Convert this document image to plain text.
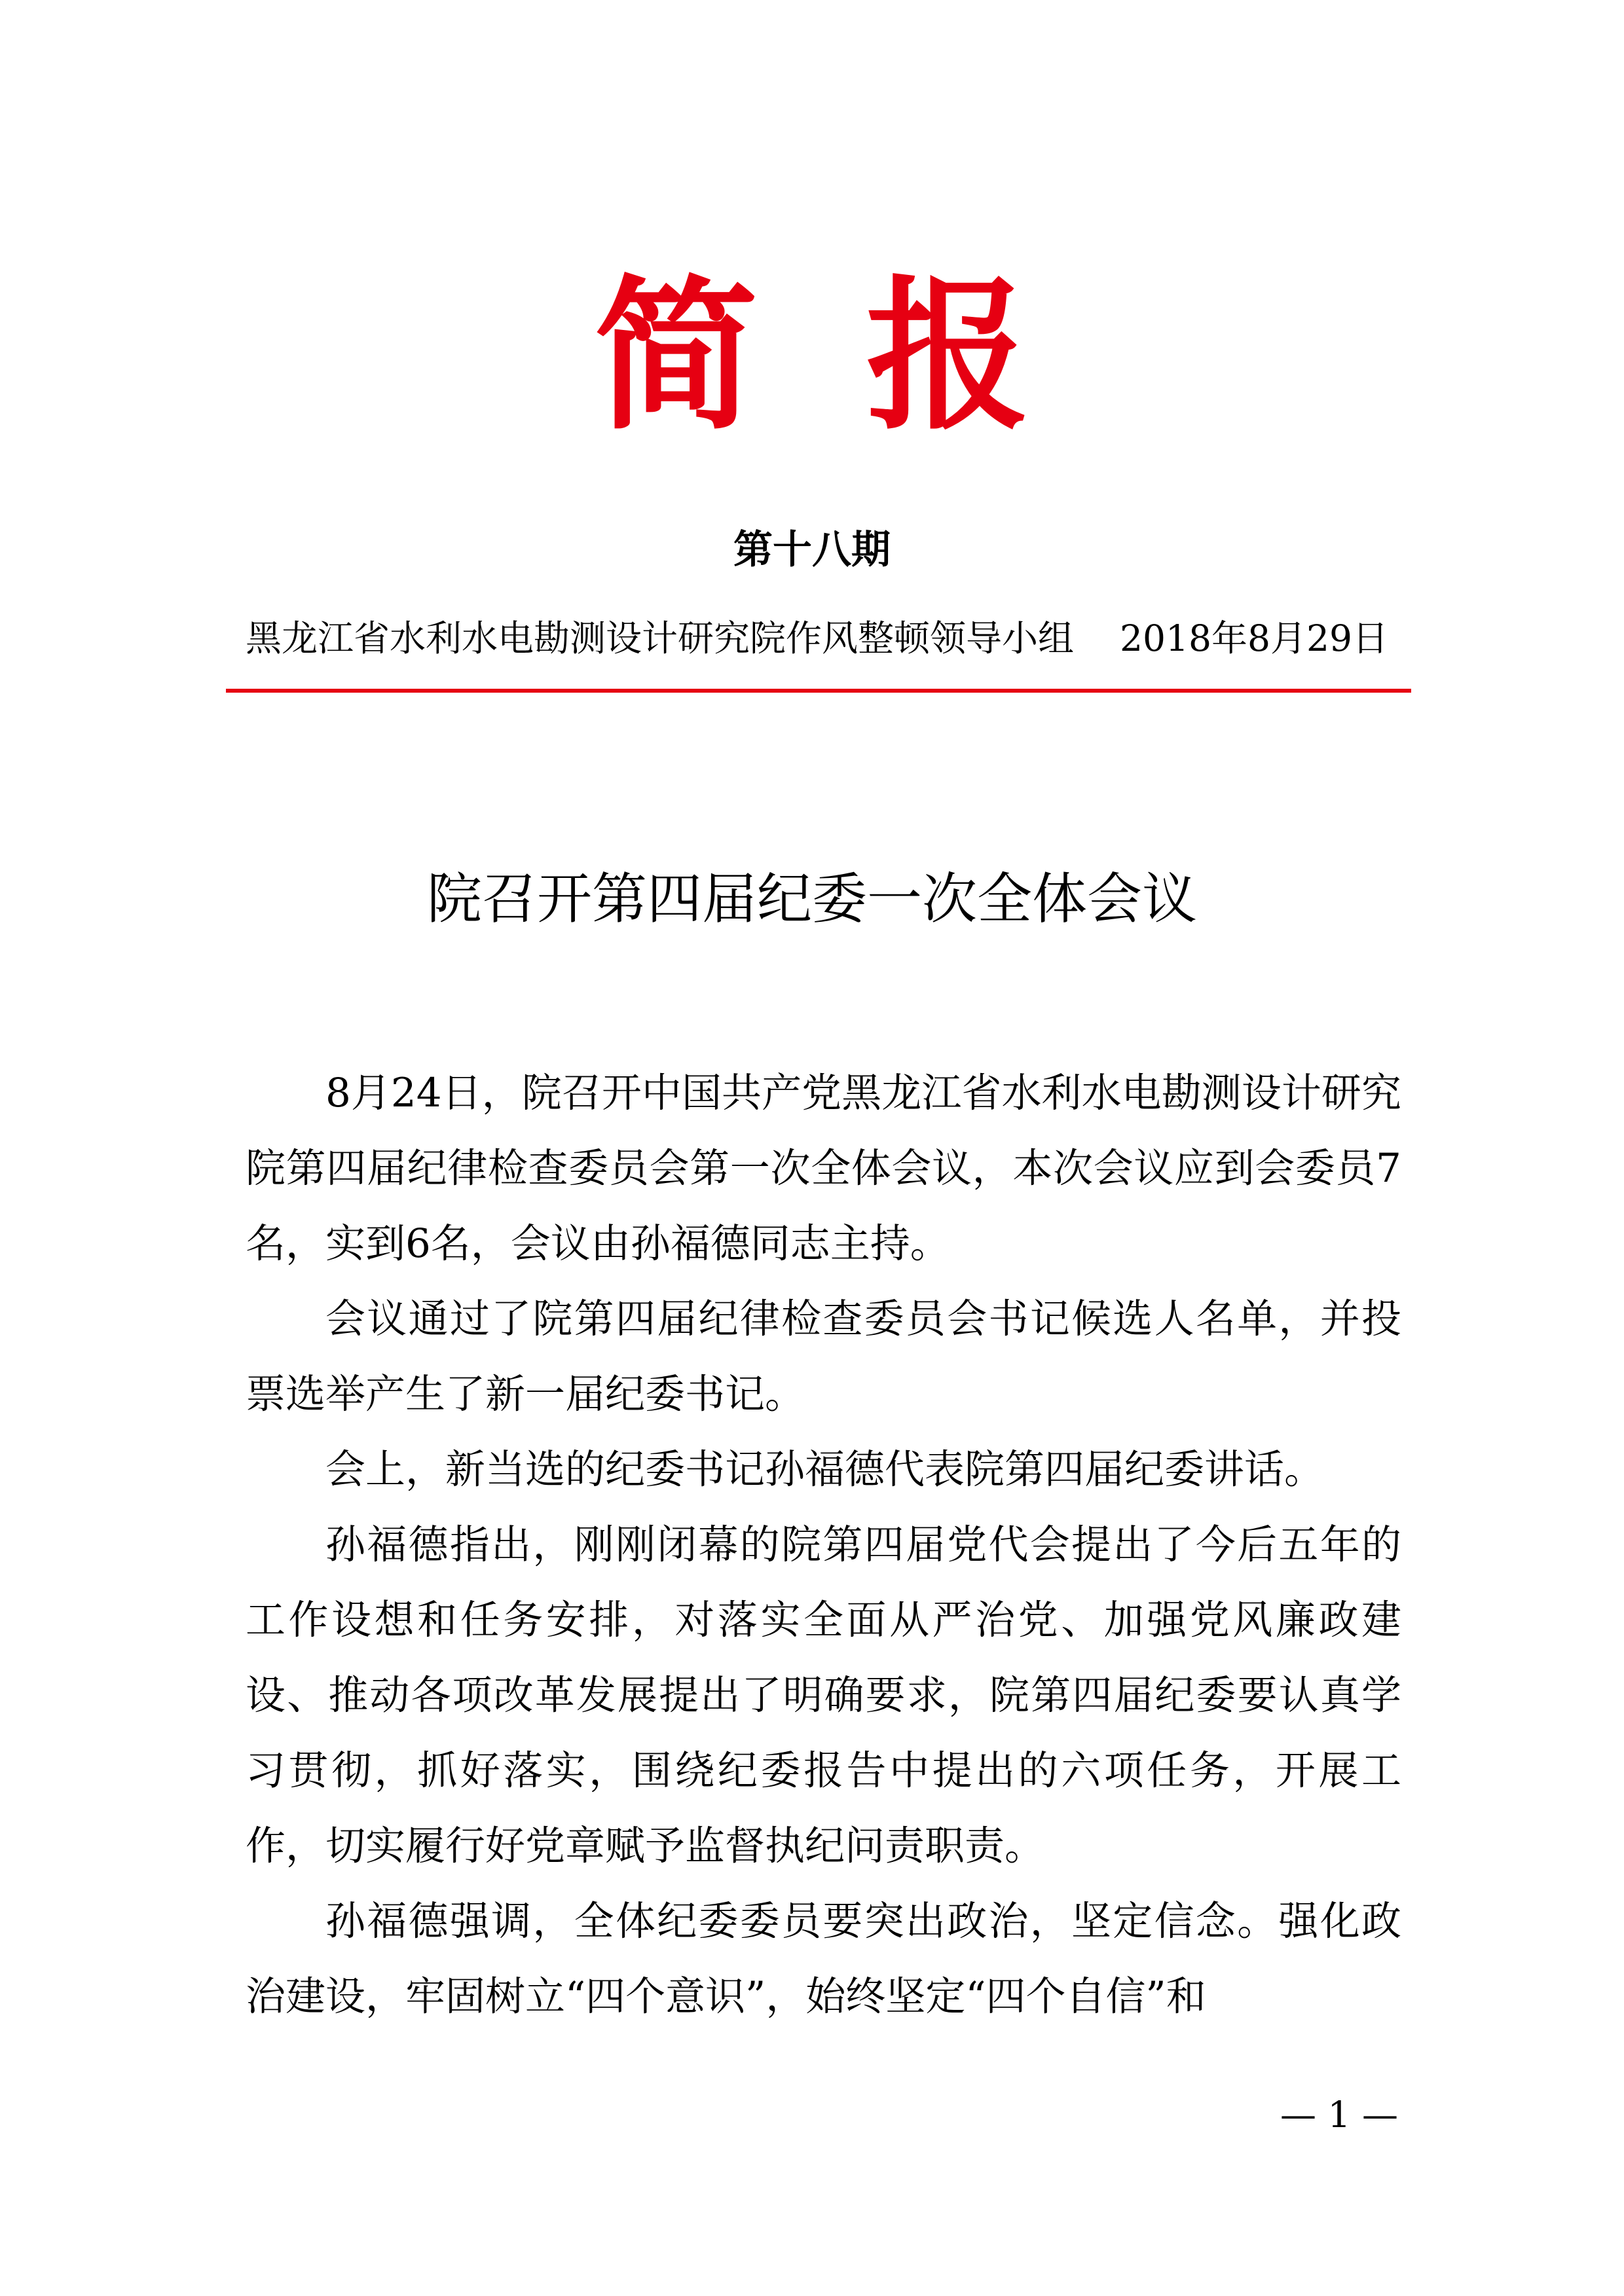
简报
第十八期
黑龙江省水利水电勘测设计研究院作风整顿领导小组 2018年8月29日
院召开第四届纪委一次全体会议

8月24日，院召开中国共产党黑龙江省水利水电勘测设计研究院第四届纪律检查委员会第一次全体会议，本次会议应到会委员7名，实到6名，会议由孙福德同志主持。

会议通过了院第四届纪律检查委员会书记候选人名单，并投票选举产生了新一届纪委书记。

会上，新当选的纪委书记孙福德代表院第四届纪委讲话。

孙福德指出，刚刚闭幕的院第四届党代会提出了今后五年的工作设想和任务安排，对落实全面从严治党、加强党风廉政建设、推动各项改革发展提出了明确要求，院第四届纪委要认真学习贯彻，抓好落实，围绕纪委报告中提出的六项任务，开展工作，切实履行好党章赋予监督执纪问责职责。

孙福德强调，全体纪委委员要突出政治，坚定信念。强化政治建设，牢固树立“四个意识”，始终坚定“四个自信”和

— 1 —
